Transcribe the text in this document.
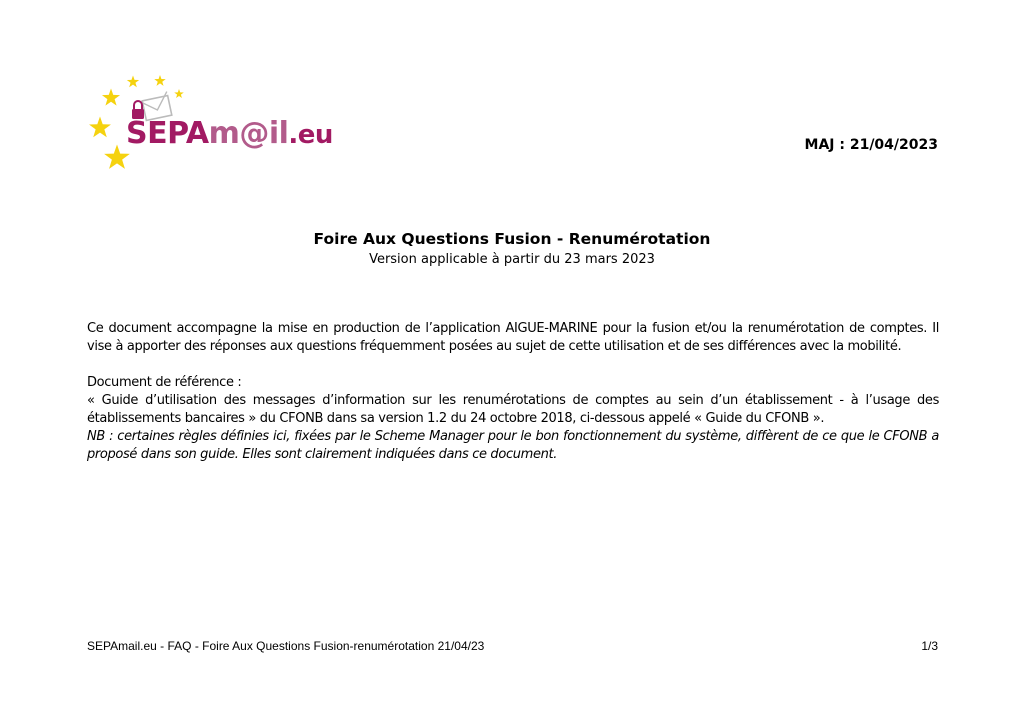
SEPAm@il.eu	MAJ : 21/04/2023
Foire Aux Questions Fusion - Renumérotation
Version applicable à partir du 23 mars 2023

Ce document accompagne la mise en production de l’application AIGUE-MARINE pour la fusion et/ou la renumérotation de comptes. Il vise à apporter des réponses aux questions fréquemment posées au sujet de cette utilisation et de ses différences avec la mobilité.

Document de référence :

« Guide d’utilisation des messages d’information sur les renumérotations de comptes au sein d’un établissement - à l’usage des établissements bancaires » du CFONB dans sa version 1.2 du 24 octobre 2018, ci-dessous appelé « Guide du CFONB ».

NB : certaines règles définies ici, fixées par le Scheme Manager pour le bon fonctionnement du système, diffèrent de ce que le CFONB a proposé dans son guide. Elles sont clairement indiquées dans ce document.

SEPAmail.eu - FAQ - Foire Aux Questions Fusion-renumérotation 21/04/23	1/3
